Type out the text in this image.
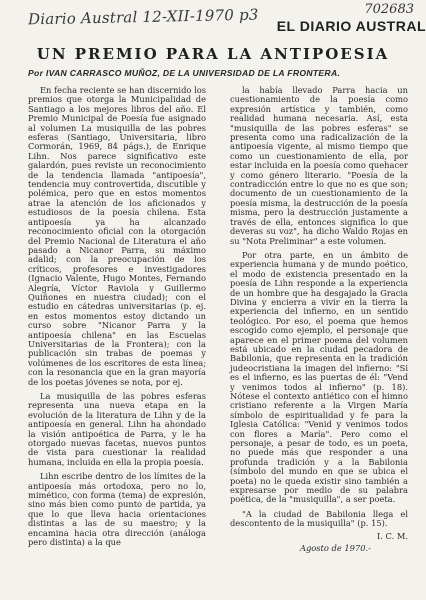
Diario Austral 12-XII-1970 p3	702683
EL DIARIO AUSTRAL
UN PREMIO PARA LA ANTIPOESIA
Por IVAN CARRASCO MUÑOZ, DE LA UNIVERSIDAD DE LA FRONTERA.

En fecha reciente se han discernido los premios que otorga la Municipalidad de Santiago a los mejores libros del año. El Premio Municipal de Poesía fue asignado al volumen La musiquilla de las pobres esferas (Santiago, Universitaria, libro Cormorán, 1969, 84 págs.), de Enrique Lihn. Nos parece significativo este galardón, pues reviste un reconocimiento de la tendencia llamada "antipoesía", tendencia muy controvertida, discutible y polémica, pero que en estos momentos atrae la atención de los aficionados y estudiosos de la poesía chilena. Esta antipoesía ya ha alcanzado reconocimiento oficial con la otorgación del Premio Nacional de Literatura el año pasado a Nicanor Parra, su máximo adalid; con la preocupación de los críticos, profesores e investigadores (Ignacio Valente, Hugo Montes, Fernando Alegría, Víctor Raviola y Guillermo Quiñones en nuestra ciudad); con el estudio en cátedras universitarias (p. ej. en estos momentos estoy dictando un curso sobre "Nicanor Parra y la antipoesía chilena" en las Escuelas Universitarias de la Frontera); con la publicación sin trabas de poemas y volúmenes de los escritores de esta línea; con la resonancia que en la gran mayoría de los poetas jóvenes se nota, por ej.

La musiquilla de las pobres esferas representa una nueva etapa en la evolución de la literatura de Lihn y de la antipoesía en general. Lihn ha ahondado la visión antipoética de Parra, y le ha otorgado nuevas facetas, nuevos puntos de vista para cuestionar la realidad humana, incluida en ella la propia poesía.

Lihn escribe dentro de los límites de la antipoesía más ortodoxa, pero no lo, mimético, con forma (tema) de expresión, sino más bien como punto de partida, ya que lo que lleva hacia orientaciones distintas a las de su maestro; y la encamina hacia otra dirección (análoga pero distinta) a la que

la había llevado Parra hacia un cuestionamiento de la poesía como expresión artística y también, como realidad humana necesaria. Así, esta "musiquilla de las pobres esferas" se presenta como una radicalización de la antipoesía vigente, al mismo tiempo que como un cuestionamiento de ella, por estar incluida en la poesía como quehacer y como género literario. "Poesía de la contradicción entre lo que no es que son; documento de un cuestionamiento de la poesía misma, la destrucción de la poesía misma, pero la destrucción justamente a través de ella, entonces significa lo que deveras su voz", ha dicho Waldo Rojas en su "Nota Preliminar" a este volumen.

Por otra parte, en un ámbito de experiencia humana y de mundo poético, el modo de existencia presentado en la poesía de Lihn responde a la experiencia de un hombre que ha desgajado la Gracia Divina y encierra a vivir en la tierra la experiencia del infierno, en un sentido teológico. Por eso, el poema que hemos escogido como ejemplo, el personaje que aparece en el primer poema del volumen está ubicado en la ciudad pecadora de Babilonia, que representa en la tradición judeocristiana la imagen del infierno: "Si es el infierno, es las puertas de él: "Vend y venimos todos al infierno" (p. 18). Nótese el contexto antiético con el himno cristiano referente a la Virgen María símbolo de espiritualidad y fe para la Iglesia Católica: "Venid y venimos todos con flores a María". Pero como el personaje, a pesar de todo, es un poeta, no puede más que responder a una profunda tradición y a la Babilonia (símbolo del mundo en que se ubica el poeta) no le queda existir sino también a expresarse por medio de su palabra poética, de la "musiquilla", a ser poeta.

"A la ciudad de Babilonia llega el descontento de la musiquilla" (p. 15).

I. C. M.

Agosto de 1970.-
